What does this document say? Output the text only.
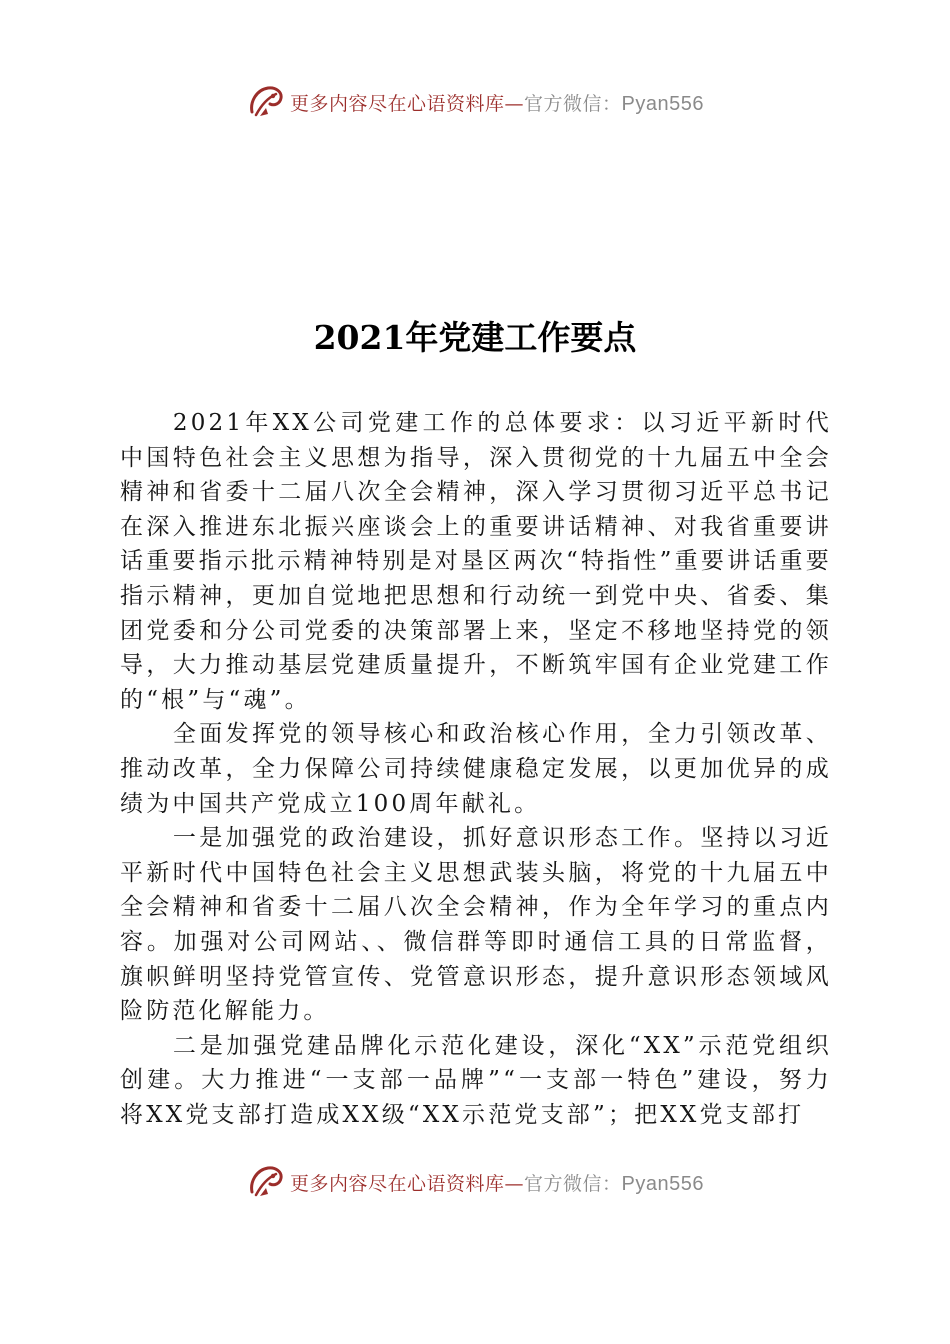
更多内容尽在心语资料库—官方微信：Pyan556
2021年党建工作要点

2021年XX公司党建工作的总体要求：以习近平新时代中国特色社会主义思想为指导，深入贯彻党的十九届五中全会精神和省委十二届八次全会精神，深入学习贯彻习近平总书记在深入推进东北振兴座谈会上的重要讲话精神、对我省重要讲话重要指示批示精神特别是对垦区两次“特指性”重要讲话重要指示精神，更加自觉地把思想和行动统一到党中央、省委、集团党委和分公司党委的决策部署上来，坚定不移地坚持党的领导，大力推动基层党建质量提升，不断筑牢国有企业党建工作的“根”与“魂”。

全面发挥党的领导核心和政治核心作用，全力引领改革、推动改革，全力保障公司持续健康稳定发展，以更加优异的成绩为中国共产党成立100周年献礼。

一是加强党的政治建设，抓好意识形态工作。坚持以习近平新时代中国特色社会主义思想武装头脑，将党的十九届五中全会精神和省委十二届八次全会精神，作为全年学习的重点内容。加强对公司网站、、微信群等即时通信工具的日常监督，旗帜鲜明坚持党管宣传、党管意识形态，提升意识形态领域风险防范化解能力。

二是加强党建品牌化示范化建设，深化“XX”示范党组织创建。大力推进“一支部一品牌”“一支部一特色”建设，努力将XX党支部打造成XX级“XX示范党支部”；把XX党支部打

更多内容尽在心语资料库—官方微信：Pyan556
